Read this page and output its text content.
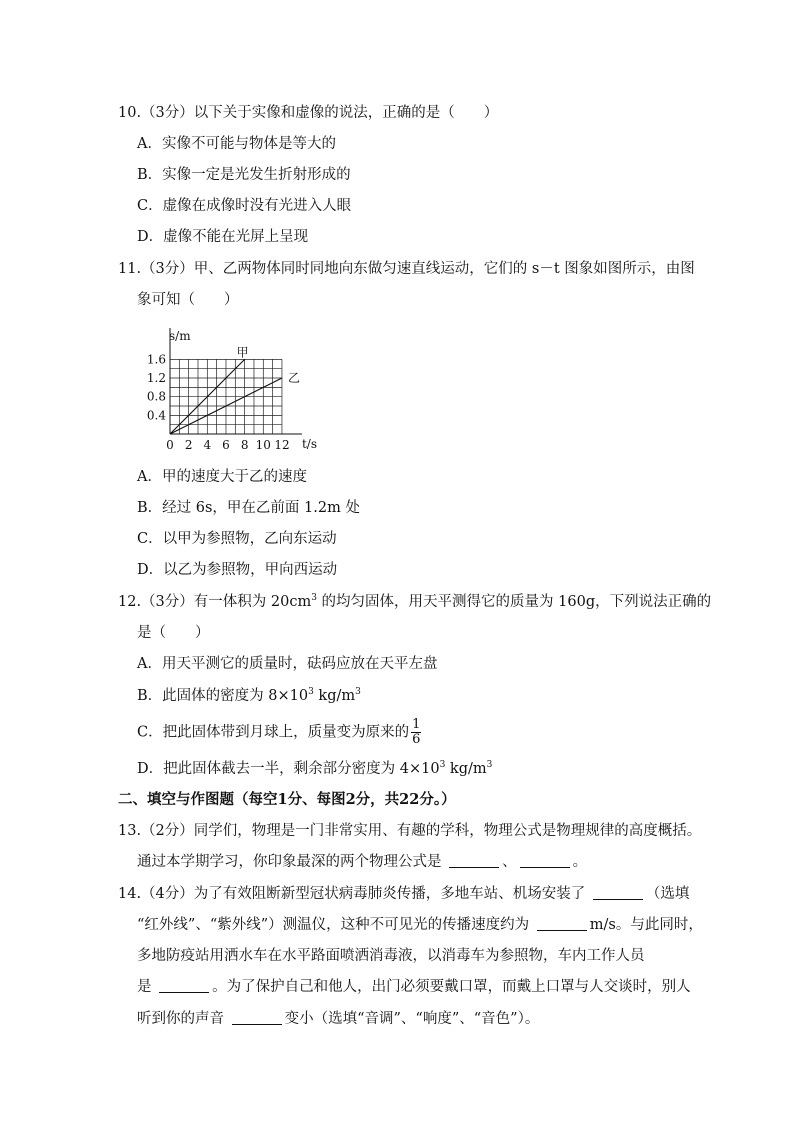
10.（3分）以下关于实像和虚像的说法，正确的是（　　）
A．实像不可能与物体是等大的
B．实像一定是光发生折射形成的
C．虚像在成像时没有光进入人眼
D．虚像不能在光屏上呈现
11.（3分）甲、乙两物体同时同地向东做匀速直线运动，它们的 s－t 图象如图所示，由图
象可知（　　）
1.6
1.2
0.8
0.4
0 2 4 6 8 10 12
s/m
t/s
甲
乙
A．甲的速度大于乙的速度
B．经过 6s，甲在乙前面 1.2m 处
C．以甲为参照物，乙向东运动
D．以乙为参照物，甲向西运动
12.（3分）有一体积为 $20cm^3$ 的均匀固体，用天平测得它的质量为 160g，下列说法正确的
是（　　）
A．用天平测它的质量时，砝码应放在天平左盘
B．此固体的密度为 $8\times 10^3$ $kg/m^3$
C．把此固体带到月球上，质量变为原来的 $\frac{1}{6}$
D．把此固体截去一半，剩余部分密度为 $4\times 10^3$ $kg/m^3$
二、填空与作图题（每空1分、每图2分，共22分。）
13.（2分）同学们，物理是一门非常实用、有趣的学科，物理公式是物理规律的高度概括。
通过本学期学习，你印象最深的两个物理公式是	、	。
14.（4分）为了有效阻断新型冠状病毒肺炎传播，多地车站、机场安装了	（选填
“红外线”、“紫外线”）测温仪，这种不可见光的传播速度约为	m/s。与此同时，
多地防疫站用洒水车在水平路面喷洒消毒液，以消毒车为参照物，车内工作人员
是	。为了保护自己和他人，出门必须要戴口罩，而戴上口罩与人交谈时，别人
听到你的声音	变小（选填“音调”、“响度”、“音色”）。
